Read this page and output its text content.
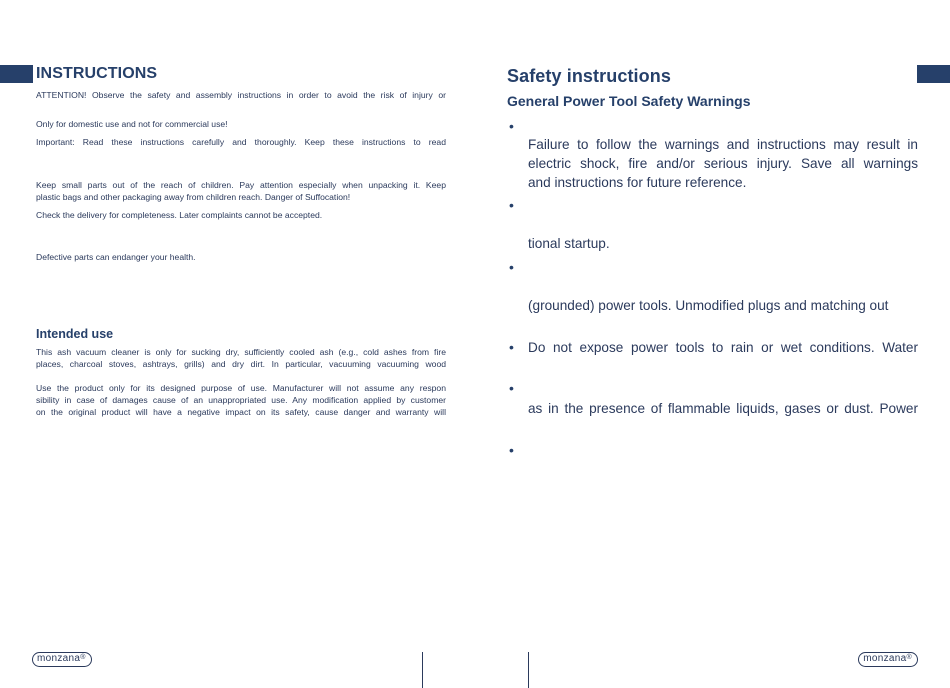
INSTRUCTIONS
ATTENTION! Observe the safety and assembly instructions in order to avoid the risk of injury or
Only for domestic use and not for commercial use!
Important: Read these instructions carefully and thoroughly. Keep these instructions to read
Keep small parts out of the reach of children. Pay attention especially when unpacking it. Keep
plastic bags and other packaging away from children reach. Danger of Suffocation!
Check the delivery for completeness. Later complaints cannot be accepted.
Defective parts can endanger your health.
Intended use
This ash vacuum cleaner is only for sucking dry, sufficiently cooled ash (e.g., cold ashes from fire
places, charcoal stoves, ashtrays, grills) and dry dirt. In particular, vacuuming vacuuming wood
Use the product only for its designed purpose of use. Manufacturer will not assume any respon
sibility in case of damages cause of an unappropriated use. Any modification applied by customer
on the original product will have a negative impact on its safety, cause danger and warranty will
monzana®
Safety instructions
General Power Tool Safety Warnings
•
Failure to follow the warnings and instructions may result in
electric shock, fire and/or serious injury. Save all warnings
and instructions for future reference.
•
tional startup.
•
(grounded) power tools. Unmodified plugs and matching out
• Do not expose power tools to rain or wet conditions. Water
•
as in the presence of flammable liquids, gases or dust. Power
•
monzana®
